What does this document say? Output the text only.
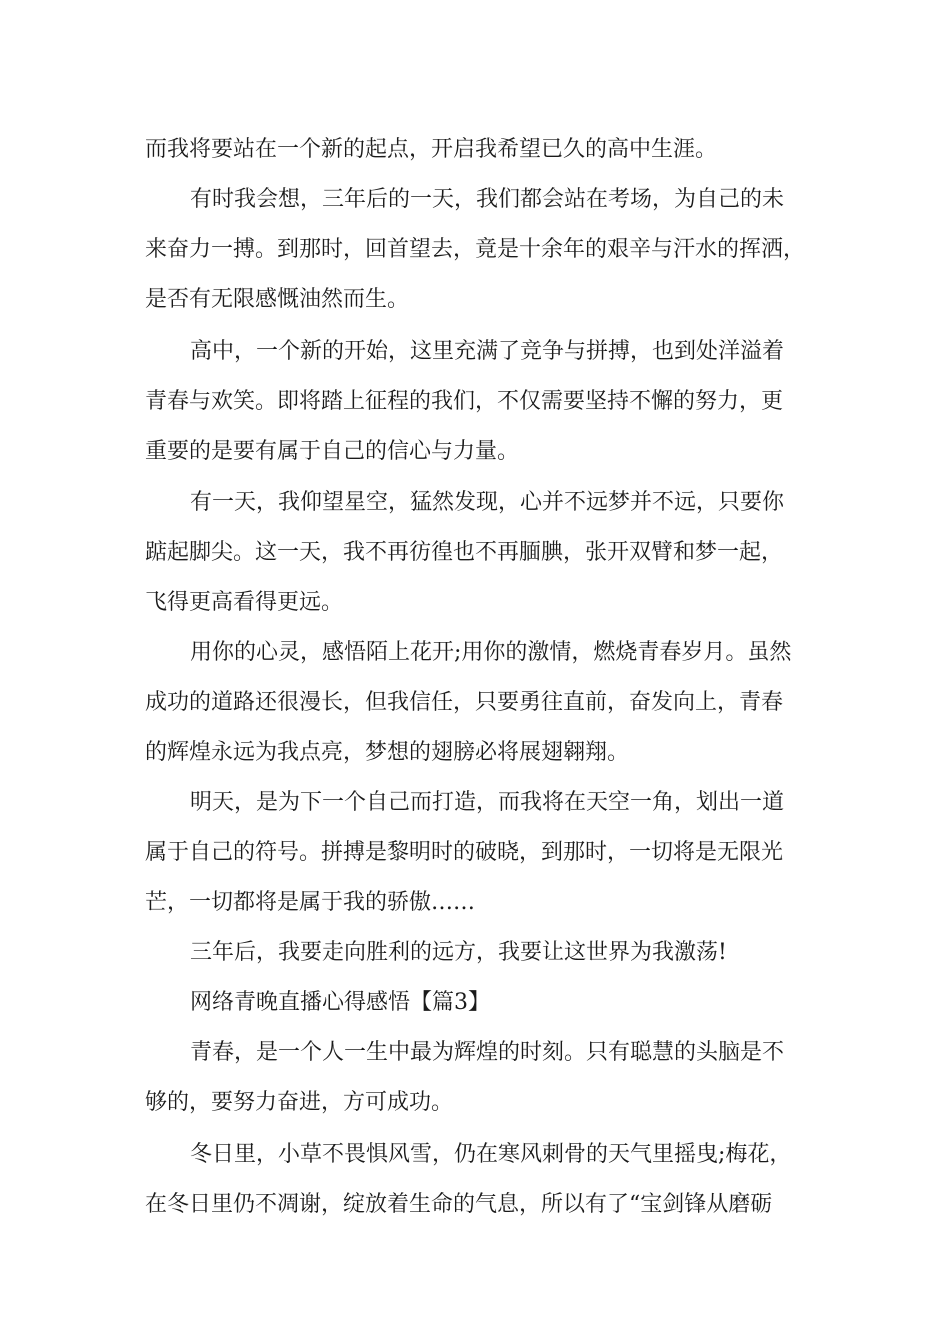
而我将要站在一个新的起点，开启我希望已久的高中生涯。
有时我会想，三年后的一天，我们都会站在考场，为自己的未
来奋力一搏。到那时，回首望去，竟是十余年的艰辛与汗水的挥洒，
是否有无限感慨油然而生。
高中，一个新的开始，这里充满了竞争与拼搏，也到处洋溢着
青春与欢笑。即将踏上征程的我们，不仅需要坚持不懈的努力，更
重要的是要有属于自己的信心与力量。
有一天，我仰望星空，猛然发现，心并不远梦并不远，只要你
踮起脚尖。这一天，我不再彷徨也不再腼腆，张开双臂和梦一起，
飞得更高看得更远。
用你的心灵，感悟陌上花开;用你的激情，燃烧青春岁月。虽然
成功的道路还很漫长，但我信任，只要勇往直前，奋发向上，青春
的辉煌永远为我点亮，梦想的翅膀必将展翅翱翔。
明天，是为下一个自己而打造，而我将在天空一角，划出一道
属于自己的符号。拼搏是黎明时的破晓，到那时，一切将是无限光
芒，一切都将是属于我的骄傲……
三年后，我要走向胜利的远方，我要让这世界为我激荡!
网络青晚直播心得感悟【篇3】
青春，是一个人一生中最为辉煌的时刻。只有聪慧的头脑是不
够的，要努力奋进，方可成功。
冬日里，小草不畏惧风雪，仍在寒风刺骨的天气里摇曳;梅花，
在冬日里仍不凋谢，绽放着生命的气息，所以有了“宝剑锋从磨砺
